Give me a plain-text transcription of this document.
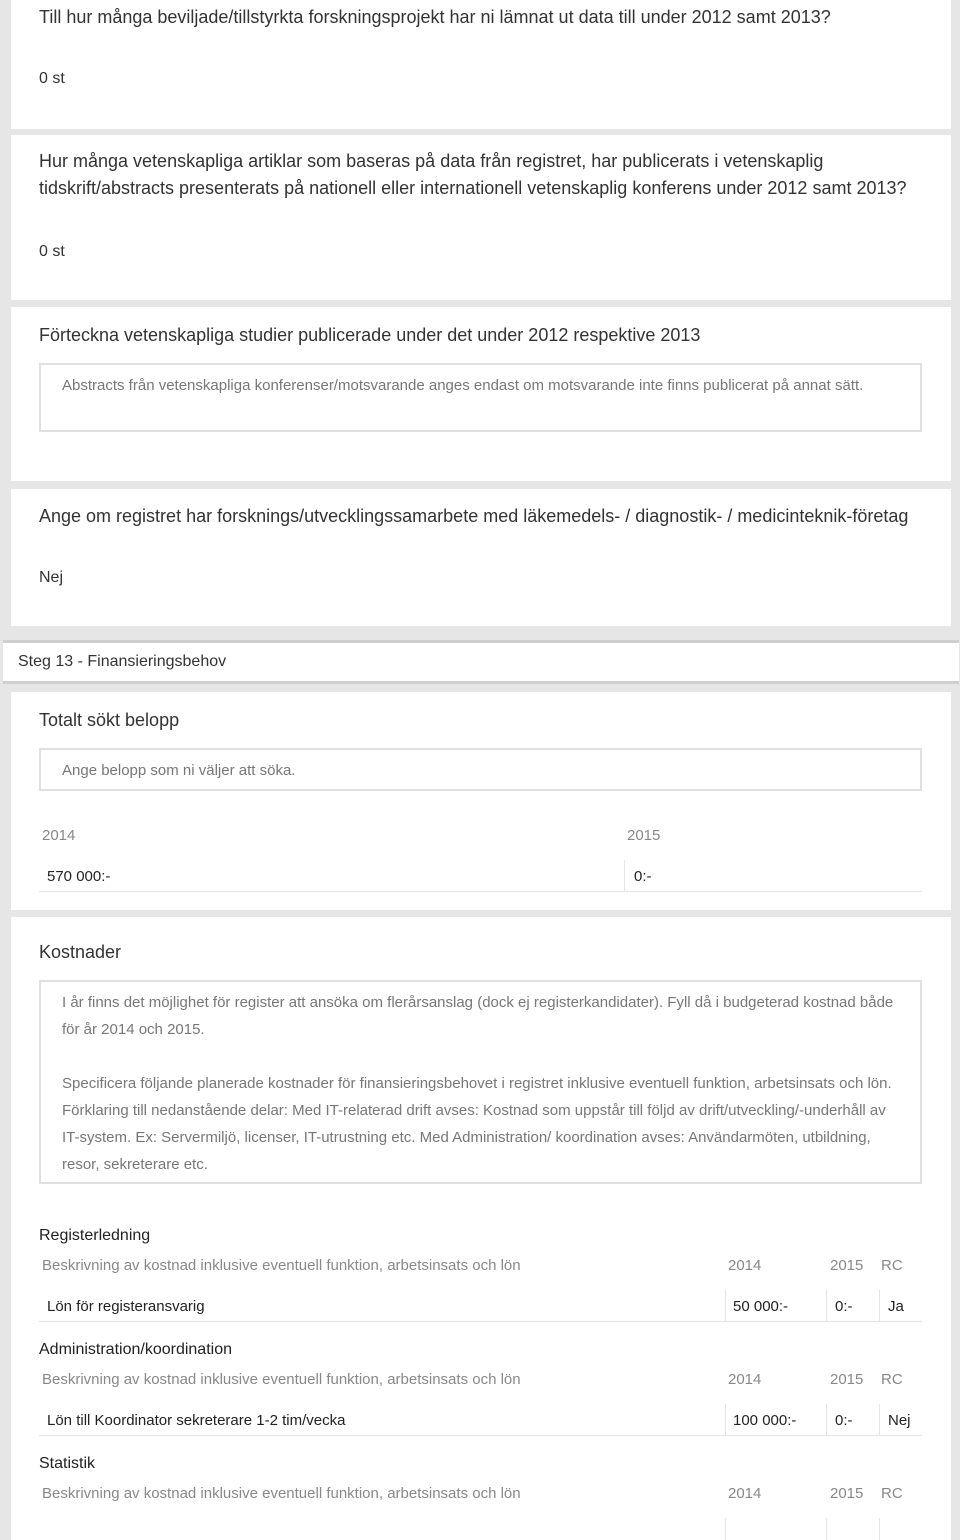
Till hur många beviljade/tillstyrkta forskningsprojekt har ni lämnat ut data till under 2012 samt 2013?
0 st
Hur många vetenskapliga artiklar som baseras på data från registret, har publicerats i vetenskaplig tidskrift/abstracts presenterats på nationell eller internationell vetenskaplig konferens under 2012 samt 2013?
0 st
Förteckna vetenskapliga studier publicerade under det under 2012 respektive 2013

Abstracts från vetenskapliga konferenser/motsvarande anges endast om motsvarande inte finns publicerat på annat sätt.

Ange om registret har forsknings/utvecklingssamarbete med läkemedels- / diagnostik- / medicinteknik-företag
Nej
Steg 13 - Finansieringsbehov
Totalt sökt belopp

Ange belopp som ni väljer att söka.

2014	2015
570 000:-	0:-
Kostnader

I år finns det möjlighet för register att ansöka om flerårsanslag (dock ej registerkandidater). Fyll då i budgeterad kostnad både för år 2014 och 2015.

Specificera följande planerade kostnader för finansieringsbehovet i registret inklusive eventuell funktion, arbetsinsats och lön. Förklaring till nedanstående delar: Med IT-relaterad drift avses: Kostnad som uppstår till följd av drift/utveckling/-underhåll av IT-system. Ex: Servermiljö, licenser, IT-utrustning etc. Med Administration/ koordination avses: Användarmöten, utbildning, resor, sekreterare etc.

Registerledning
Beskrivning av kostnad inklusive eventuell funktion, arbetsinsats och lön	2014	2015 RC
Lön för registeransvarig	50 000:-	0:-	Ja
Administration/koordination
Beskrivning av kostnad inklusive eventuell funktion, arbetsinsats och lön	2014	2015 RC
Lön till Koordinator sekreterare 1-2 tim/vecka	100 000:-	0:-	Nej
Statistik
Beskrivning av kostnad inklusive eventuell funktion, arbetsinsats och lön	2014	2015 RC
